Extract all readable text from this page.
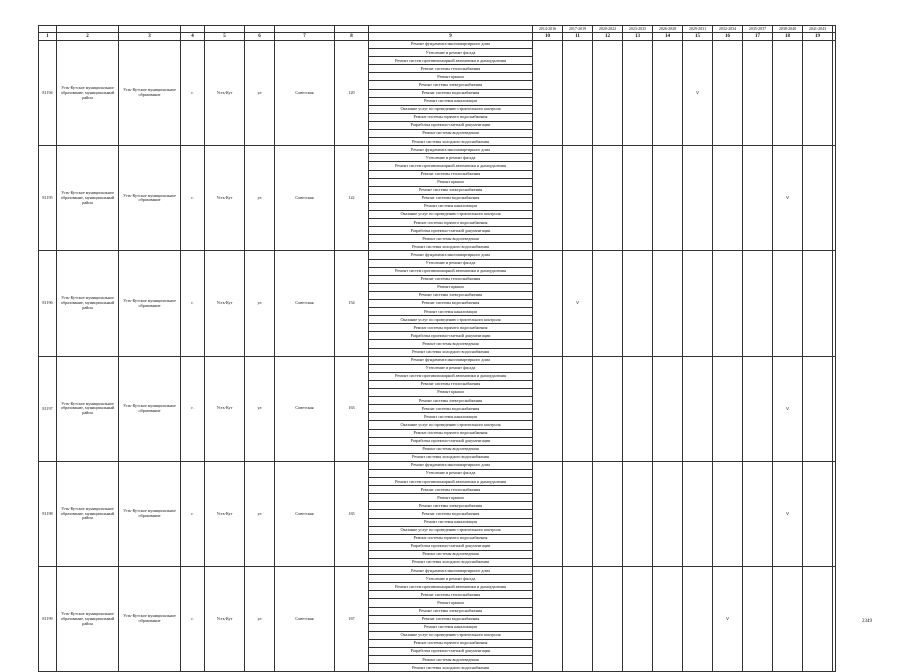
									2014-2016	2017-2019	2020-2022	2023-2025	2026-2028	2029-2031	2032-2034	2035-2037	2038-2040	2041-2043	
1	2	3	4	5	6	7	8	9	10	11	12	13	14	15	16	17	18	19	
81194	Усть-Кутское муниципальное образование, муниципальный район	Усть-Кутское муниципальное образование	г.	Усть-Кут	ул	Советская	120	Ремонт фундамента многоквартирного дома						V					
								Утепление и ремонт фасада											
								Ремонт систем противопожарной автоматики и дымоудаления											
								Ремонт системы теплоснабжения											
								Ремонт крыши											
								Ремонт системы электроснабжения											
								Ремонт системы водоснабжения											
								Ремонт системы канализации											
								Оказание услуг по проведению строительного контроля											
								Ремонт системы горячего водоснабжения											
								Разработка проектно-сметной документации											
								Ремонт системы водоотведения											
								Ремонт системы холодного водоснабжения											
81195	Усть-Кутское муниципальное образование, муниципальный район	Усть-Кутское муниципальное образование	г.	Усть-Кут	ул	Советская	122	Ремонт фундамента многоквартирного дома									V		
								Утепление и ремонт фасада											
								Ремонт систем противопожарной автоматики и дымоудаления											
								Ремонт системы теплоснабжения											
								Ремонт крыши											
								Ремонт системы электроснабжения											
								Ремонт системы водоснабжения											
								Ремонт системы канализации											
								Оказание услуг по проведению строительного контроля											
								Ремонт системы горячего водоснабжения											
								Разработка проектно-сметной документации											
								Ремонт системы водоотведения											
								Ремонт системы холодного водоснабжения											
81196	Усть-Кутское муниципальное образование, муниципальный район	Усть-Кутское муниципальное образование	г.	Усть-Кут	ул	Советская	154	Ремонт фундамента многоквартирного дома		V									
								Утепление и ремонт фасада											
								Ремонт систем противопожарной автоматики и дымоудаления											
								Ремонт системы теплоснабжения											
								Ремонт крыши											
								Ремонт системы электроснабжения											
								Ремонт системы водоснабжения											
								Ремонт системы канализации											
								Оказание услуг по проведению строительного контроля											
								Ремонт системы горячего водоснабжения											
								Разработка проектно-сметной документации											
								Ремонт системы водоотведения											
								Ремонт системы холодного водоснабжения											
81197	Усть-Кутское муниципальное образование, муниципальный район	Усть-Кутское муниципальное образование	г.	Усть-Кут	ул	Советская	163	Ремонт фундамента многоквартирного дома									V		
								Утепление и ремонт фасада											
								Ремонт систем противопожарной автоматики и дымоудаления											
								Ремонт системы теплоснабжения											
								Ремонт крыши											
								Ремонт системы электроснабжения											
								Ремонт системы водоснабжения											
								Ремонт системы канализации											
								Оказание услуг по проведению строительного контроля											
								Ремонт системы горячего водоснабжения											
								Разработка проектно-сметной документации											
								Ремонт системы водоотведения											
								Ремонт системы холодного водоснабжения											
81198	Усть-Кутское муниципальное образование, муниципальный район	Усть-Кутское муниципальное образование	г.	Усть-Кут	ул	Советская	165	Ремонт фундамента многоквартирного дома									V		
								Утепление и ремонт фасада											
								Ремонт систем противопожарной автоматики и дымоудаления											
								Ремонт системы теплоснабжения											
								Ремонт крыши											
								Ремонт системы электроснабжения											
								Ремонт системы водоснабжения											
								Ремонт системы канализации											
								Оказание услуг по проведению строительного контроля											
								Ремонт системы горячего водоснабжения											
								Разработка проектно-сметной документации											
								Ремонт системы водоотведения											
								Ремонт системы холодного водоснабжения											
81199	Усть-Кутское муниципальное образование, муниципальный район	Усть-Кутское муниципальное образование	г.	Усть-Кут	ул	Советская	167	Ремонт фундамента многоквартирного дома							V				
								Утепление и ремонт фасада											
								Ремонт систем противопожарной автоматики и дымоудаления											
								Ремонт системы теплоснабжения											
								Ремонт крыши											
								Ремонт системы электроснабжения											
								Ремонт системы водоснабжения											
								Ремонт системы канализации											
								Оказание услуг по проведению строительного контроля											
								Ремонт системы горячего водоснабжения											
								Разработка проектно-сметной документации											
								Ремонт системы водоотведения											
								Ремонт системы холодного водоснабжения											
2349
